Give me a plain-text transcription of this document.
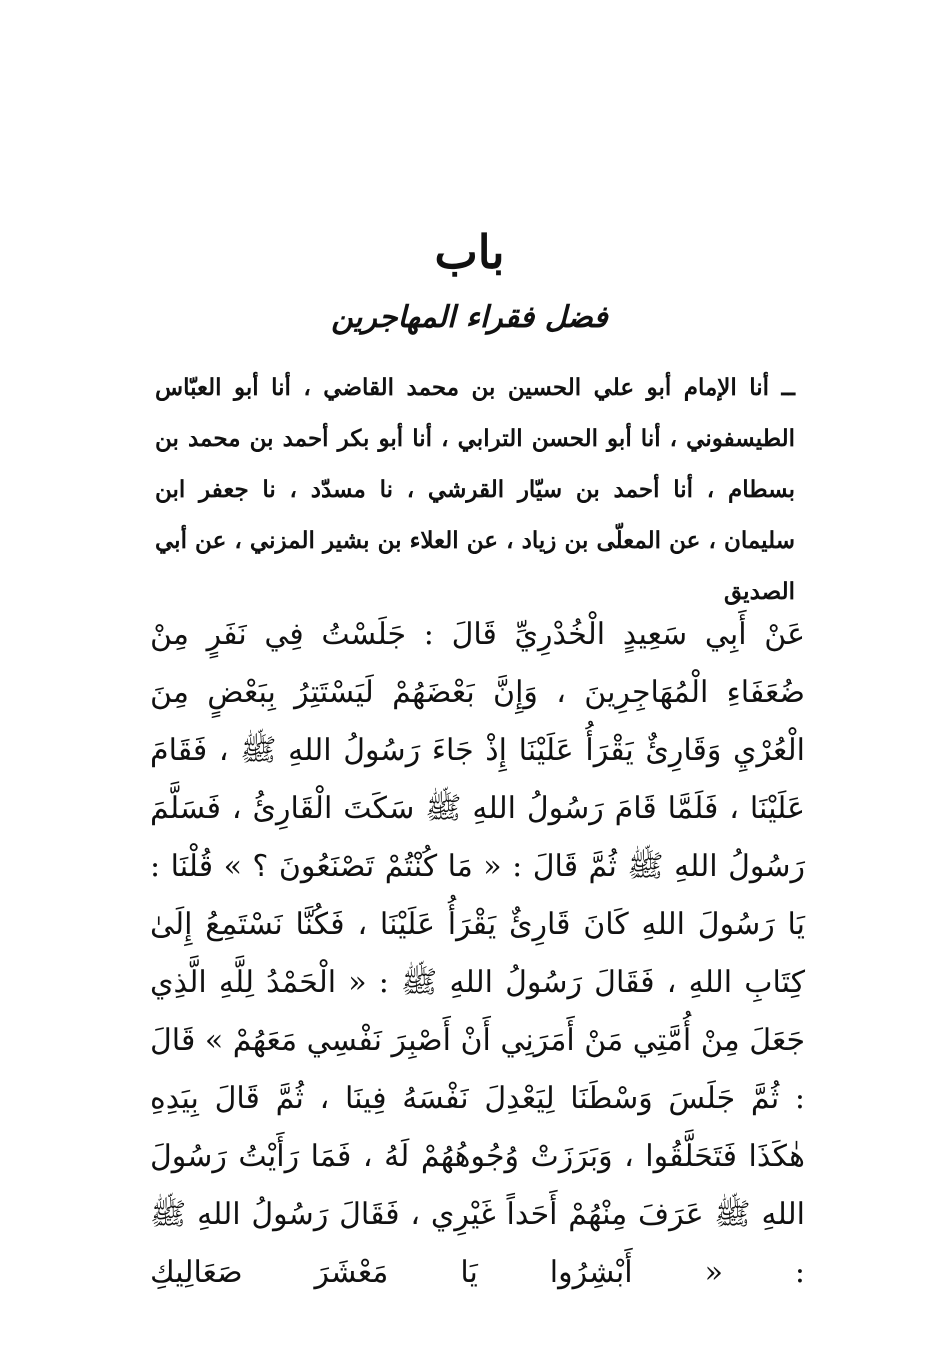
باب
فضل فقراء المهاجرين

ــ أنا الإمام أبو علي الحسين بن محمد القاضي ، أنا أبو العبّاس الطيسفوني ، أنا أبو الحسن الترابي ، أنا أبو بكر أحمد بن محمد بن بسطام ، أنا أحمد بن سيّار القرشي ، نا مسدّد ، نا جعفر ابن سليمان ، عن المعلّى بن زياد ، عن العلاء بن بشير المزني ، عن أبي الصديق

عَنْ أَبِي سَعِيدٍ الْخُدْرِيِّ قَالَ : جَلَسْتُ فِي نَفَرٍ مِنْ ضُعَفَاءِ الْمُهَاجِرِينَ ، وَإِنَّ بَعْضَهُمْ لَيَسْتَتِرُ بِبَعْضٍ مِنَ الْعُرْيِ وَقَارِئٌ يَقْرَأُ عَلَيْنَا إِذْ جَاءَ رَسُولُ اللهِ ﷺ ، فَقَامَ عَلَيْنَا ، فَلَمَّا قَامَ رَسُولُ اللهِ ﷺ سَكَتَ الْقَارِئُ ، فَسَلَّمَ رَسُولُ اللهِ ﷺ ثُمَّ قَالَ : « مَا كُنْتُمْ تَصْنَعُونَ ؟ » قُلْنَا : يَا رَسُولَ اللهِ كَانَ قَارِئٌ يَقْرَأُ عَلَيْنَا ، فَكُنَّا نَسْتَمِعُ إِلَىٰ كِتَابِ اللهِ ، فَقَالَ رَسُولُ اللهِ ﷺ : « الْحَمْدُ لِلَّهِ الَّذِي جَعَلَ مِنْ أُمَّتِي مَنْ أَمَرَنِي أَنْ أَصْبِرَ نَفْسِي مَعَهُمْ » قَالَ : ثُمَّ جَلَسَ وَسْطَنَا لِيَعْدِلَ نَفْسَهُ فِينَا ، ثُمَّ قَالَ بِيَدِهِ هٰكَذَا فَتَحَلَّقُوا ، وَبَرَزَتْ وُجُوهُهُمْ لَهُ ، فَمَا رَأَيْتُ رَسُولَ اللهِ ﷺ عَرَفَ مِنْهُمْ أَحَداً غَيْرِي ، فَقَالَ رَسُولُ اللهِ ﷺ : « أَبْشِرُوا يَا مَعْشَرَ صَعَالِيكِ
